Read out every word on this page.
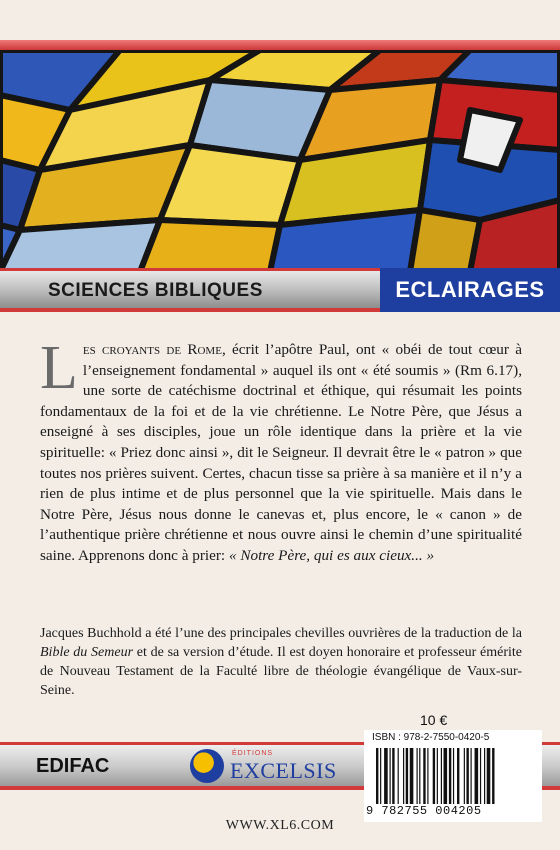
SCIENCES BIBLIQUES	ECLAIRAGES
Les croyants de Rome, écrit l’apôtre Paul, ont « obéi de tout cœur à l’enseignement fondamental » auquel ils ont « été soumis » (Rm 6.17), une sorte de catéchisme doctrinal et éthique, qui résumait les points fondamentaux de la foi et de la vie chrétienne. Le Notre Père, que Jésus a enseigné à ses disciples, joue un rôle identique dans la prière et la vie spirituelle: « Priez donc ainsi », dit le Seigneur. Il devrait être le « patron » que toutes nos prières suivent. Certes, chacun tisse sa prière à sa manière et il n’y a rien de plus intime et de plus personnel que la vie spirituelle. Mais dans le Notre Père, Jésus nous donne le canevas et, plus encore, le « canon » de l’authentique prière chrétienne et nous ouvre ainsi le chemin d’une spiritualité saine. Apprenons donc à prier: « Notre Père, qui es aux cieux... »
Jacques Buchhold a été l’une des principales chevilles ouvrières de la traduction de la Bible du Semeur et de sa version d’étude. Il est doyen honoraire et professeur émérite de Nouveau Testament de la Faculté libre de théologie évangélique de Vaux-sur-Seine.
10 €
EDIFAC
ÉDITIONS
EXCELSIS
ISBN : 978-2-7550-0420-5
9 782755 004205
WWW.XL6.COM
